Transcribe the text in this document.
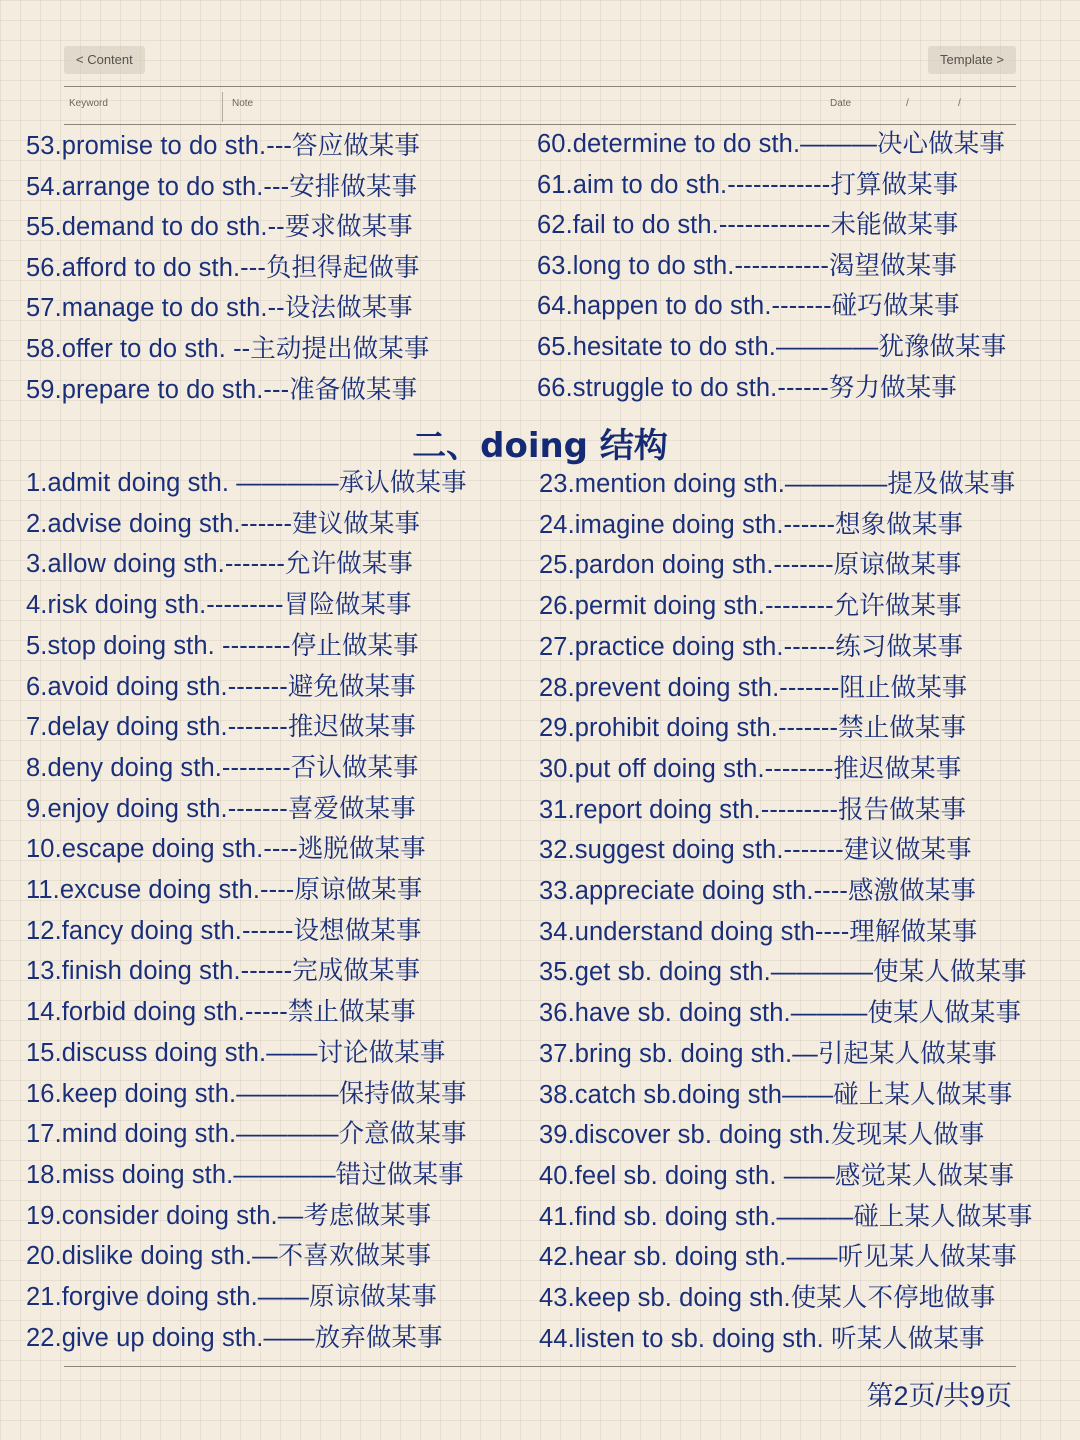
< Content	Template >
Keyword	Note	Date	/	/
53.promise to do sth.---答应做某事
54.arrange to do sth.---安排做某事
55.demand to do sth.--要求做某事
56.afford to do sth.---负担得起做事
57.manage to do sth.--设法做某事
58.offer to do sth. --主动提出做某事
59.prepare to do sth.---准备做某事
60.determine to do sth.———决心做某事
61.aim to do sth.------------打算做某事
62.fail to do sth.-------------未能做某事
63.long to do sth.-----------渴望做某事
64.happen to do sth.-------碰巧做某事
65.hesitate to do sth.————犹豫做某事
66.struggle to do sth.------努力做某事
二、doing 结构
1.admit doing sth. ————承认做某事
2.advise doing sth.------建议做某事
3.allow doing sth.-------允许做某事
4.risk doing sth.---------冒险做某事
5.stop doing sth. --------停止做某事
6.avoid doing sth.-------避免做某事
7.delay doing sth.-------推迟做某事
8.deny doing sth.--------否认做某事
9.enjoy doing sth.-------喜爱做某事
10.escape doing sth.----逃脱做某事
11.excuse doing sth.----原谅做某事
12.fancy doing sth.------设想做某事
13.finish doing sth.------完成做某事
14.forbid doing sth.-----禁止做某事
15.discuss doing sth.——讨论做某事
16.keep doing sth.————保持做某事
17.mind doing sth.————介意做某事
18.miss doing sth.————错过做某事
19.consider doing sth.—考虑做某事
20.dislike doing sth.—不喜欢做某事
21.forgive doing sth.——原谅做某事
22.give up doing sth.——放弃做某事
23.mention doing sth.————提及做某事
24.imagine doing sth.------想象做某事
25.pardon doing sth.-------原谅做某事
26.permit doing sth.--------允许做某事
27.practice doing sth.------练习做某事
28.prevent doing sth.-------阻止做某事
29.prohibit doing sth.-------禁止做某事
30.put off doing sth.--------推迟做某事
31.report doing sth.---------报告做某事
32.suggest doing sth.-------建议做某事
33.appreciate doing sth.----感激做某事
34.understand doing sth----理解做某事
35.get sb. doing sth.————使某人做某事
36.have sb. doing sth.———使某人做某事
37.bring sb. doing sth.—引起某人做某事
38.catch sb.doing sth——碰上某人做某事
39.discover sb. doing sth.发现某人做事
40.feel sb. doing sth. ——感觉某人做某事
41.find sb. doing sth.———碰上某人做某事
42.hear sb. doing sth.——听见某人做某事
43.keep sb. doing sth.使某人不停地做事
44.listen to sb. doing sth. 听某人做某事
第2页/共9页
